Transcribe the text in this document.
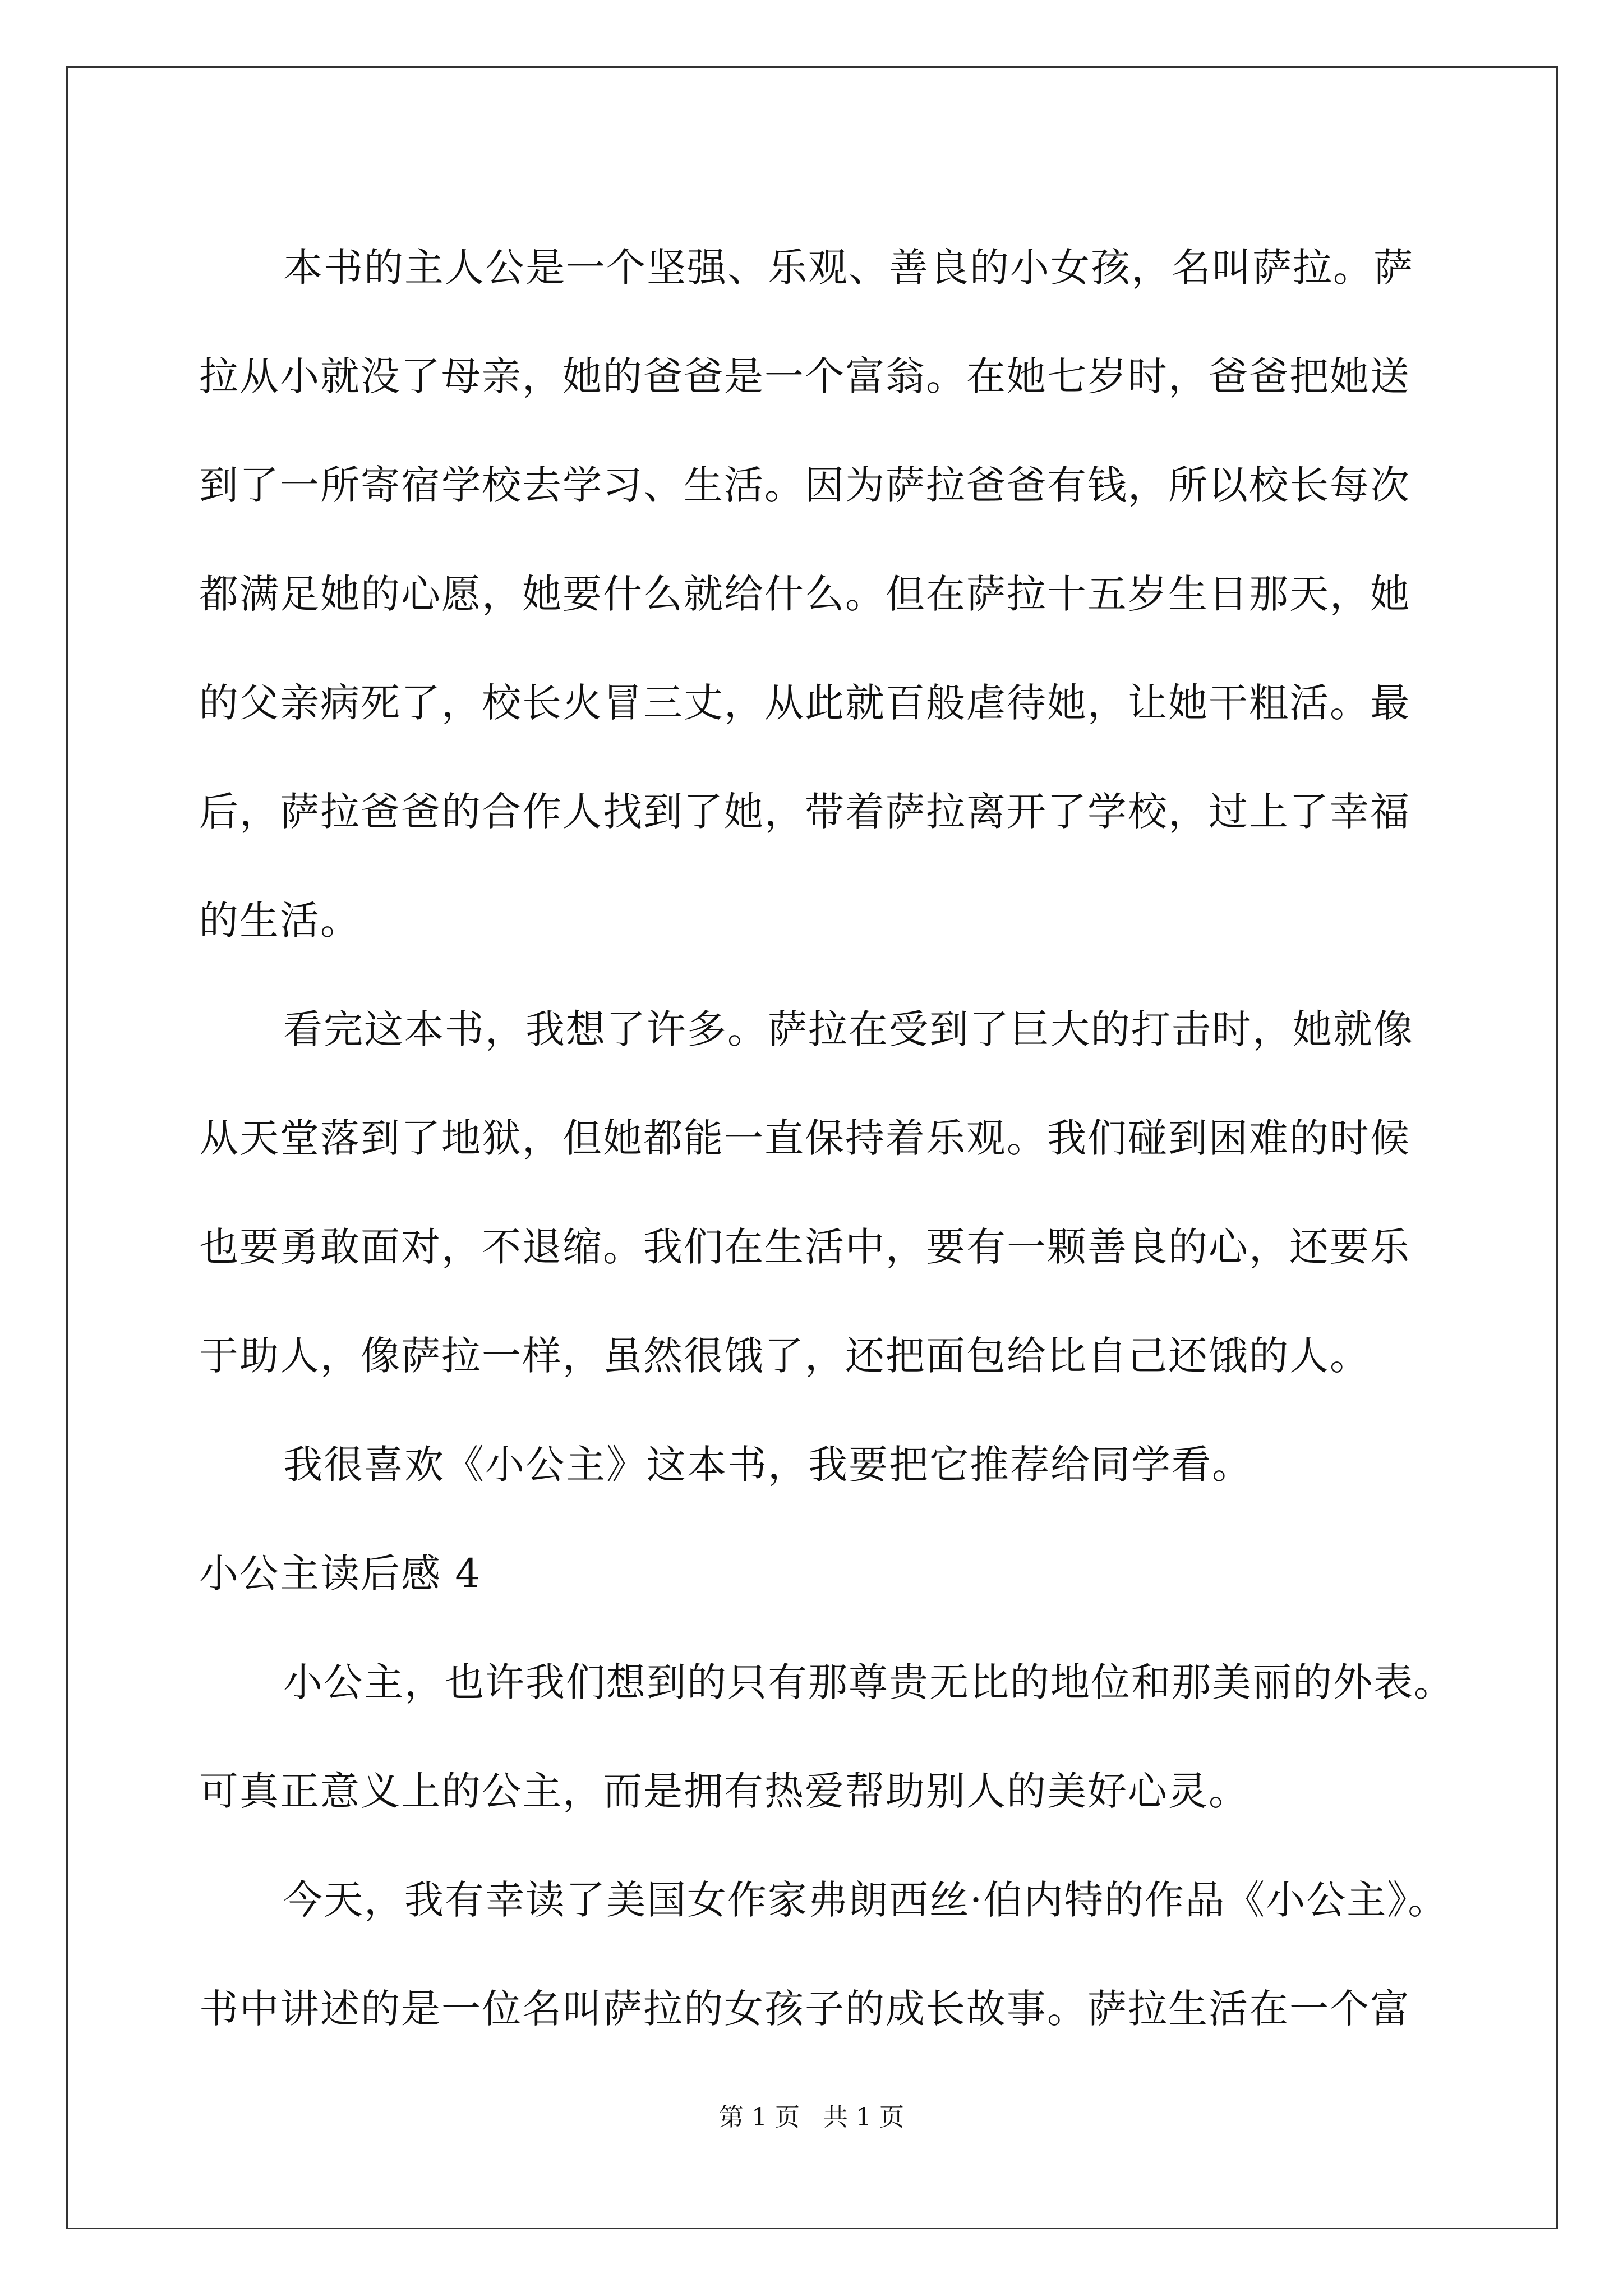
本书的主人公是一个坚强、乐观、善良的小女孩，名叫萨拉。萨
拉从小就没了母亲，她的爸爸是一个富翁。在她七岁时，爸爸把她送
到了一所寄宿学校去学习、生活。因为萨拉爸爸有钱，所以校长每次
都满足她的心愿，她要什么就给什么。但在萨拉十五岁生日那天，她
的父亲病死了，校长火冒三丈，从此就百般虐待她，让她干粗活。最
后，萨拉爸爸的合作人找到了她，带着萨拉离开了学校，过上了幸福
的生活。
看完这本书，我想了许多。萨拉在受到了巨大的打击时，她就像
从天堂落到了地狱，但她都能一直保持着乐观。我们碰到困难的时候
也要勇敢面对，不退缩。我们在生活中，要有一颗善良的心，还要乐
于助人，像萨拉一样，虽然很饿了，还把面包给比自己还饿的人。
我很喜欢《小公主》这本书，我要把它推荐给同学看。
小公主读后感 4
小公主，也许我们想到的只有那尊贵无比的地位和那美丽的外表。
可真正意义上的公主，而是拥有热爱帮助别人的美好心灵。
今天，我有幸读了美国女作家弗朗西丝·伯内特的作品《小公主》。
书中讲述的是一位名叫萨拉的女孩子的成长故事。萨拉生活在一个富
第 1 页 共 1 页
